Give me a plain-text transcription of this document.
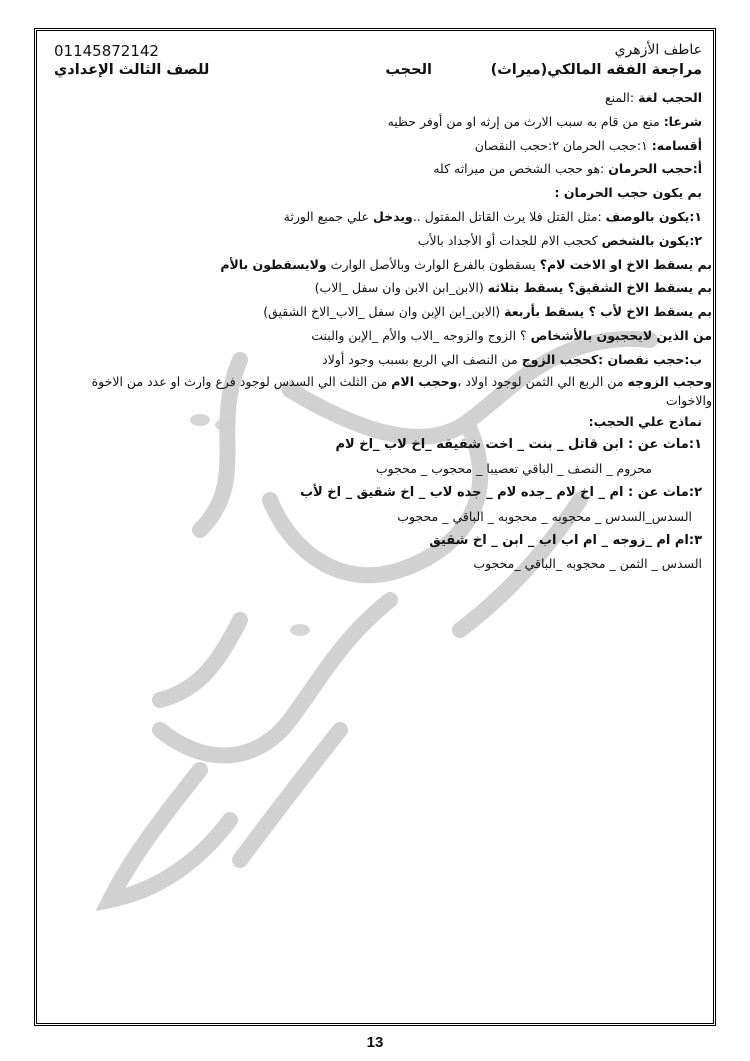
عاطف الأزهري
01145872142
مراجعة الفقه المالكي(ميراث)
الحجب
للصف الثالث الإعدادي
الحجب لغة :المنع
شرعا: منع من قام به سبب الارث من إرثه او من أوفر حظيه
أقسامه: ١:حجب الحرمان ٢:حجب النقصان
أ:حجب الحرمان :هو حجب الشخص من ميراثه كله
بم يكون حجب الحرمان :
١:يكون بالوصف :مثل القتل فلا يرث القاتل المقتول ..ويدخل علي جميع الورثة
٢:يكون بالشخص كحجب الام للجدات أو الأجداد بالأب
بم يسقط الاخ او الاخت لام؟ يسقطون بالفرع الوارث وبالأصل الوارث ولايسقطون بالأم
بم يسقط الاخ الشقيق؟ يسقط بثلاثه (الابن_ابن الابن وان سفل _الاب)
بم يسقط الاخ لأب ؟ يسقط بأربعة (الابن_ابن الإبن وان سفل _الاب_الاخ الشقيق)
من الذين لايحجبون بالأشخاص ؟ الزوج والزوجه _الاب والأم _الإبن والبنت
ب:حجب نقصان :كحجب الزوج من النصف الي الربع بسبب وجود أولاد
وحجب الزوجه من الربع الي الثمن لوجود اولاد ،وحجب الام من الثلث الي السدس لوجود فرع وارث او عدد من الاخوة والاخوات
نماذج علي الحجب:
١:مات عن : ابن قاتل _ بنت _ اخت شقيقه _اخ لاب _اخ لام
محروم _ النصف _ الباقي تعصيبا _ محجوب _ محجوب
٢:مات عن : ام _ اخ لام _جده لام _ جده لاب _ اخ شقيق _ اخ لأب
السدس_السدس _ محجوبه _ محجوبه _ الباقي _ محجوب
٣:ام ام _زوجه _ ام اب اب _ ابن _ اخ شقيق
السدس _ الثمن _ محجوبه _الباقي _محجوب
13
